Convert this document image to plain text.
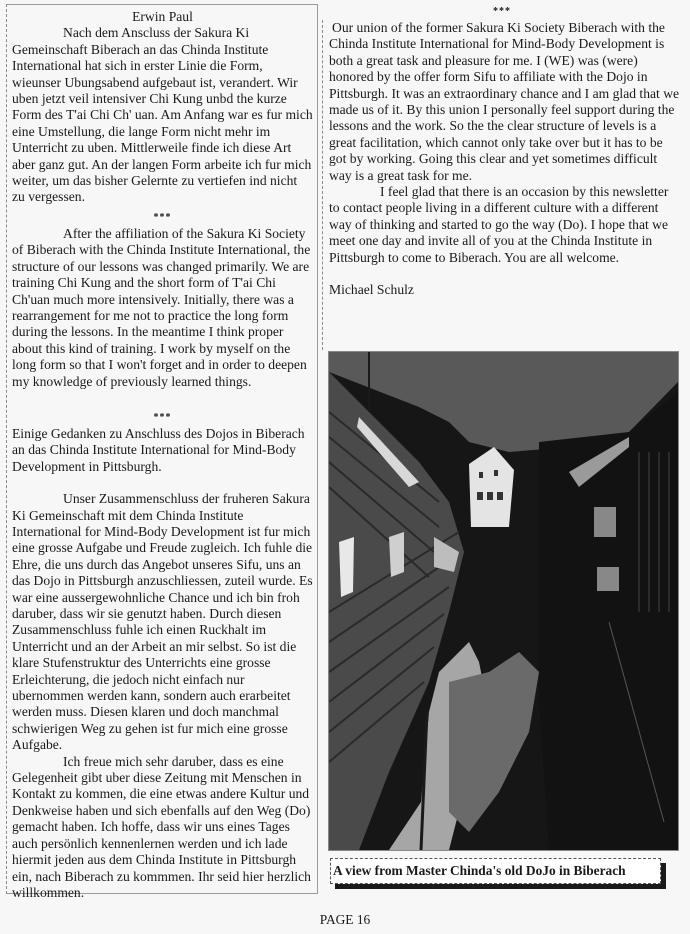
Erwin Paul

Nach dem Anscluss der Sakura Ki Gemeinschaft Biberach an das Chinda Institute International hat sich in erster Linie die Form, wieunser Ubungsabend aufgebaut ist, verandert. Wir uben jetzt veil intensiver Chi Kung unbd the kurze Form des T'ai Chi Ch' uan. Am Anfang war es fur mich eine Umstellung, die lange Form nicht mehr im Unterricht zu uben. Mittlerweile finde ich diese Art aber ganz gut. An der langen Form arbeite ich fur mich weiter, um das bisher Gelernte zu vertiefen ind nicht zu vergessen.

***

After the affiliation of the Sakura Ki Society of Biberach with the Chinda Institute International, the structure of our lessons was changed primarily. We are training Chi Kung and the short form of T'ai Chi Ch'uan much more intensively. Initially, there was a rearrangement for me not to practice the long form during the lessons. In the meantime I think proper about this kind of training. I work by myself on the long form so that I won't forget and in order to deepen my knowledge of previously learned things.

***

Einige Gedanken zu Anschluss des Dojos in Biberach an das Chinda Institute International for Mind-Body Development in Pittsburgh.

Unser Zusammenschluss der fruheren Sakura Ki Gemeinschaft mit dem Chinda Institute International for Mind-Body Development ist fur mich eine grosse Aufgabe und Freude zugleich. Ich fuhle die Ehre, die uns durch das Angebot unseres Sifu, uns an das Dojo in Pittsburgh anzuschliessen, zuteil wurde. Es war eine aussergewohnliche Chance und ich bin froh daruber, dass wir sie genutzt haben. Durch diesen Zusammenschluss fuhle ich einen Ruckhalt im Unterricht und an der Arbeit an mir selbst. So ist die klare Stufenstruktur des Unterrichts eine grosse Erleichterung, die jedoch nicht einfach nur ubernommen werden kann, sondern auch erarbeitet werden muss. Diesen klaren und doch manchmal schwierigen Weg zu gehen ist fur mich eine grosse Aufgabe.

Ich freue mich sehr daruber, dass es eine Gelegenheit gibt uber diese Zeitung mit Menschen in Kontakt zu kommen, die eine etwas andere Kultur und Denkweise haben und sich ebenfalls auf den Weg (Do) gemacht haben. Ich hoffe, dass wir uns eines Tages auch persönlich kennenlernen werden und ich lade hiermit jeden aus dem Chinda Institute in Pittsburgh ein, nach Biberach zu kommmen. Ihr seid hier herzlich willkommen.

***

Our union of the former Sakura Ki Society Biberach with the Chinda Institute International for Mind-Body Development is both a great task and pleasure for me. I (WE) was (were) honored by the offer form Sifu to affiliate with the Dojo in Pittsburgh. It was an extraordinary chance and I am glad that we made us of it. By this union I personally feel support during the lessons and the work. So the the clear structure of levels is a great facilitation, which cannot only take over but it has to be got by working. Going this clear and yet sometimes difficult way is a great task for me.

I feel glad that there is an occasion by this newsletter to contact people living in a different culture with a different way of thinking and started to go the way (Do). I hope that we meet one day and invite all of you at the Chinda Institute in Pittsburgh to come to Biberach. You are all welcome.

Michael Schulz

A view from Master Chinda's old DoJo in Biberach
PAGE 16
